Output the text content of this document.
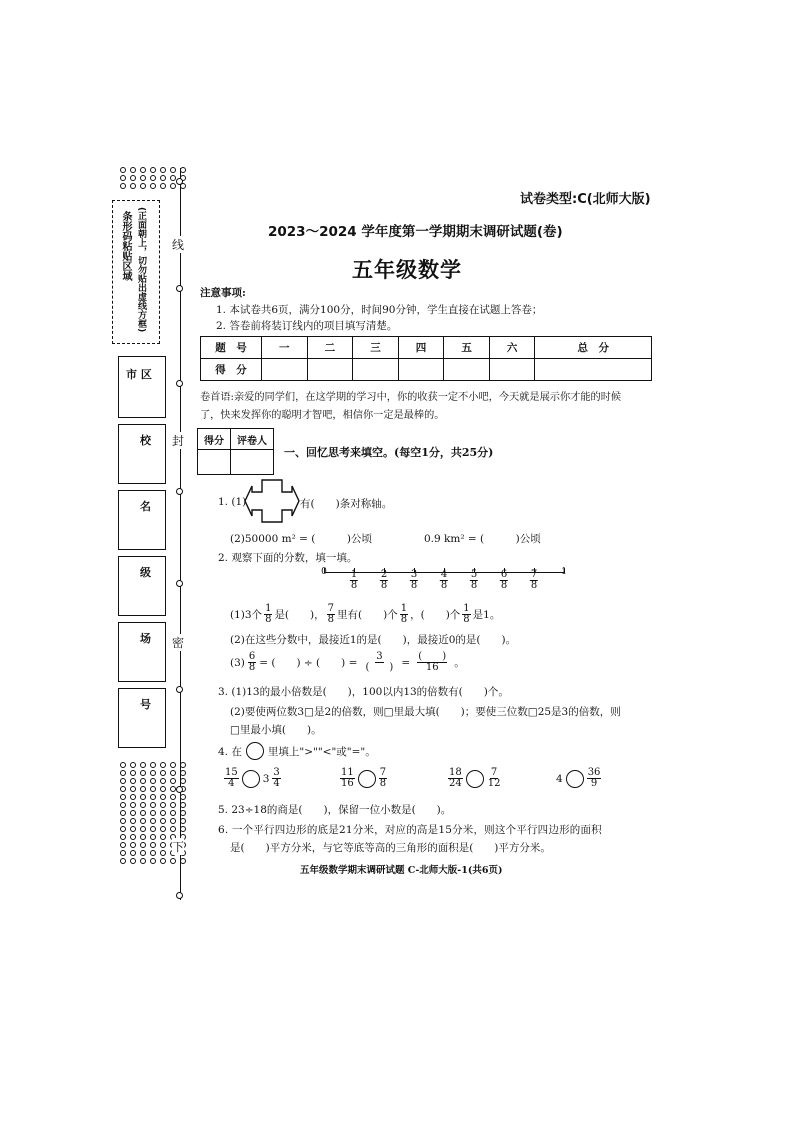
条形码粘贴区域 (正面朝上，切勿贴出虚线方框)
市 区
校
名
级
场
号
线
封
密
下
试卷类型:C(北师大版)
2023～2024 学年度第一学期期末调研试题(卷)
五年级数学
注意事项:
1. 本试卷共6页，满分100分，时间90分钟，学生直接在试题上答卷；
2. 答卷前将装订线内的项目填写清楚。
题　号	一	二	三	四	五	六	总　分
得　分							
卷首语:亲爱的同学们，在这学期的学习中，你的收获一定不小吧，今天就是展示你才能的时候
了，快来发挥你的聪明才智吧，相信你一定是最棒的。
得分	评卷人

一、回忆思考来填空。(每空1分，共25分)
1. (1)	有(　　)条对称轴。
(2)50000 m² = (　　　)公顷	0.9 km² = (　　　)公顷
2. 观察下面的分数，填一填。
$0 \frac{1}{8} \frac{2}{8} \frac{3}{8} \frac{4}{8} \frac{5}{8} \frac{6}{8} \frac{7}{8}$	1
(1)3个 $\frac{1}{8}$ 是(　　)， $\frac{7}{8}$ 里有(　　)个 $\frac{1}{8}$ ，(　　)个 $\frac{1}{8}$ 是1。
(2)在这些分数中，最接近1的是(　　)，最接近0的是(　　)。
$(3) \frac{6}{8}$ = (　　) ÷ (　　) = $\frac{3}{( )} = \frac{( )}{16}$ 。
3. (1)13的最小倍数是(　　)，100以内13的倍数有(　　)个。
(2)要使两位数3□是2的倍数，则□里最大填(　　)；要使三位数□25是3的倍数，则
□里最小填(　　)。
4. 在 里填上">""<"或"="。
$\frac{15}{4} 3 \frac{3}{4}$	$\frac{11}{16} \frac{7}{8}$	$\frac{18}{24} \frac{7}{12}$	$4 \frac{36}{9}$
5. 23÷18的商是(　　)，保留一位小数是(　　)。
6. 一个平行四边形的底是21分米，对应的高是15分米，则这个平行四边形的面积
是(　　)平方分米，与它等底等高的三角形的面积是(　　)平方分米。
五年级数学期末调研试题 C-北师大版-1(共6页)
